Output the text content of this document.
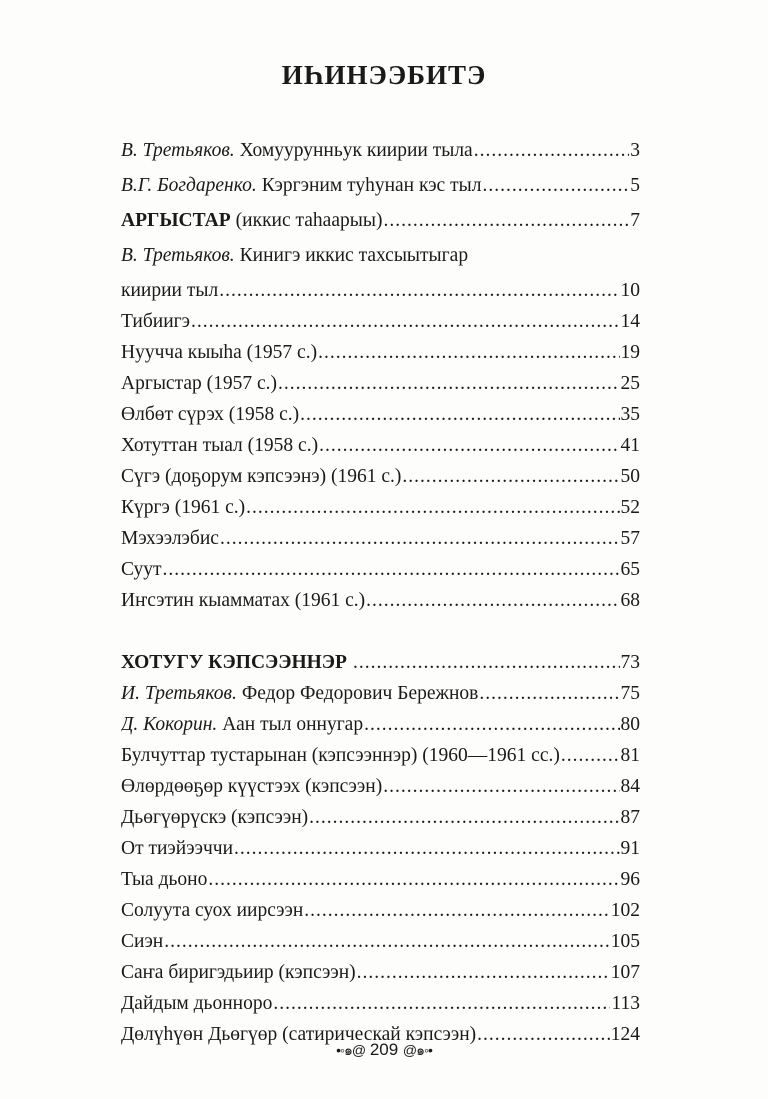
ИҺИНЭЭБИТЭ
В. Третьяков. Хомуурунньук киирии тыла .....	3
В.Г. Богдаренко. Кэргэним туһунан кэс тыл .....	5
АРГЫСТАР (иккис таһаарыы) .....	7
В. Третьяков. Кинигэ иккис тахсыытыгар
киирии тыл .....	10
Тибиигэ .....	14
Нуучча кыыһа (1957 с.) .....	19
Аргыстар (1957 с.) .....	25
Өлбөт сүрэх (1958 с.) .....	35
Хотуттан тыал (1958 с.) .....	41
Сүгэ (доҕорум кэпсээнэ) (1961 с.) .....	50
Күргэ (1961 с.) .....	52
Мэхээлэбис .....	57
Суут .....	65
Иҥсэтин кыамматах (1961 с.) .....	68
ХОТУГУ КЭПСЭЭННЭР .....	73
И. Третьяков. Федор Федорович Бережнов .....	75
Д. Кокорин. Аан тыл оннугар .....	80
Булчуттар тустарынан (кэпсээннэр) (1960—1961 сс.) .....	81
Өлөрдөөҕөр күүстээх (кэпсээн) .....	84
Дьөгүөрүскэ (кэпсээн) .....	87
От тиэйээччи .....	91
Тыа дьоно .....	96
Солуута суох иирсээн .....	102
Сиэн .....	105
Саҥа биригэдьиир (кэпсээн) .....	107
Дайдым дьонноро .....	113
Дөлүһүөн Дьөгүөр (сатирическай кэпсээн) .....	124
•◦๑@ 209 @๑◦•
